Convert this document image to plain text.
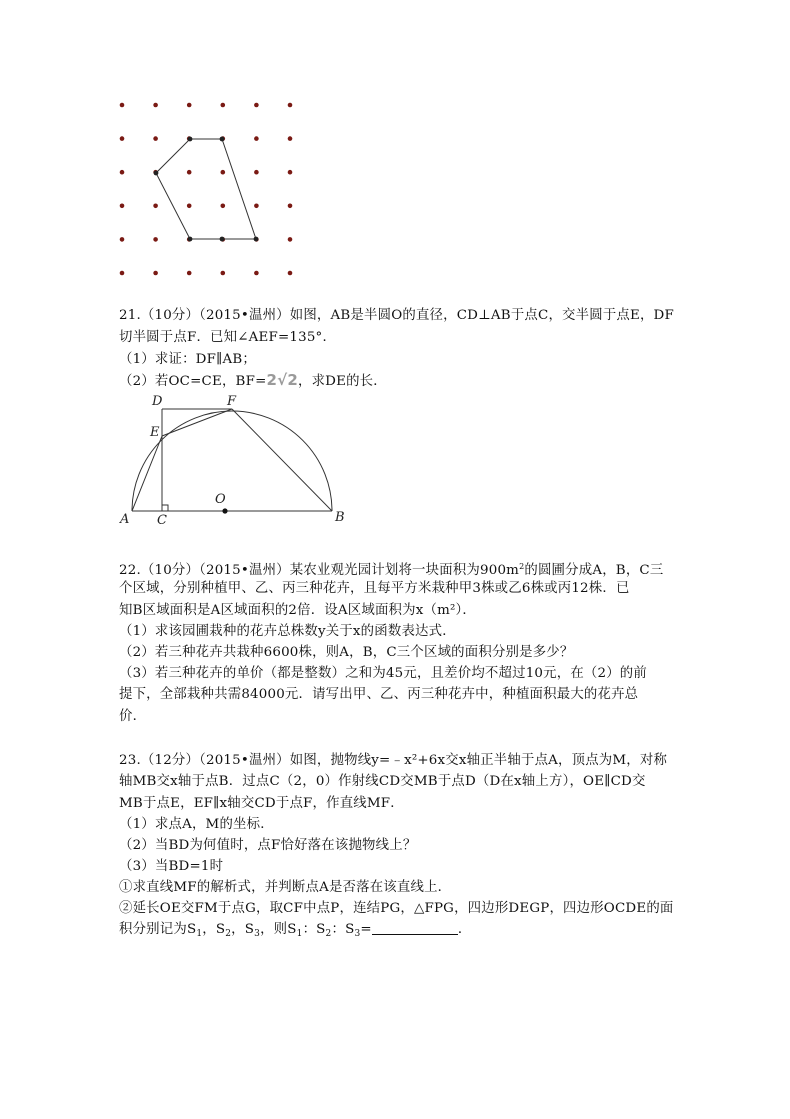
21.（10分）（2015•温州）如图，AB是半圆O的直径，CD⊥AB于点C，交半圆于点E，DF
切半圆于点F．已知∠AEF=135°．
（1）求证：DF∥AB；
（2）若OC=CE，BF=2√2，求DE的长．
D	F
E
O
A C	B
22.（10分）（2015•温州）某农业观光园计划将一块面积为$900m^2$的圆圃分成A，B，C三
个区域，分别种植甲、乙、丙三种花卉，且每平方米栽种甲3株或乙6株或丙12株．已
知B区域面积是A区域面积的2倍．设A区域面积为x（m²）．
（1）求该园圃栽种的花卉总株数y关于x的函数表达式．
（2）若三种花卉共栽种6600株，则A，B，C三个区域的面积分别是多少？
（3）若三种花卉的单价（都是整数）之和为45元，且差价均不超过10元，在（2）的前
提下，全部栽种共需84000元．请写出甲、乙、丙三种花卉中，种植面积最大的花卉总
价．
23.（12分）（2015•温州）如图，抛物线y=﹣x²+6x交x轴正半轴于点A，顶点为M，对称
轴MB交x轴于点B．过点C（2，0）作射线CD交MB于点D（D在x轴上方），OE∥CD交
MB于点E，EF∥x轴交CD于点F，作直线MF．
（1）求点A，M的坐标．
（2）当BD为何值时，点F恰好落在该抛物线上？
（3）当BD=1时
①求直线MF的解析式，并判断点A是否落在该直线上．
②延长OE交FM于点G，取CF中点P，连结PG，△FPG，四边形DEGP，四边形OCDE的面
积分别记为$S_1$，$S_2$，$S_3$，则$S_1$：$S_2$：$S_3=$	．
